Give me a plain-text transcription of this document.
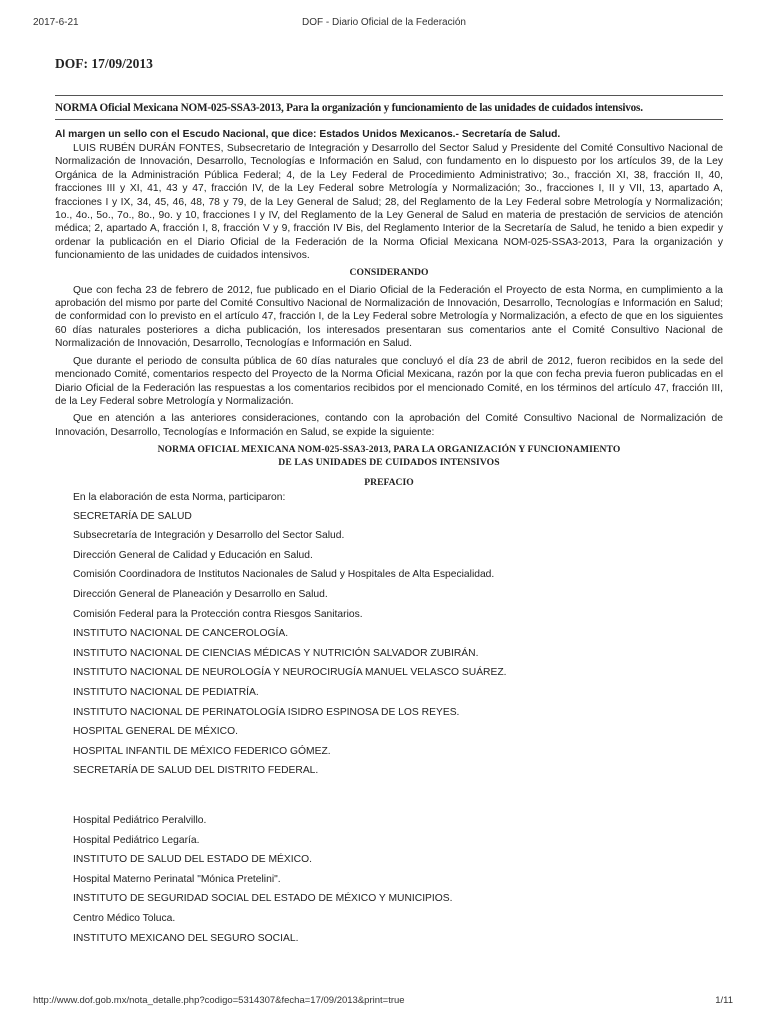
2017-6-21	DOF - Diario Oficial de la Federación
DOF: 17/09/2013
NORMA Oficial Mexicana NOM-025-SSA3-2013, Para la organización y funcionamiento de las unidades de cuidados intensivos.
Al margen un sello con el Escudo Nacional, que dice: Estados Unidos Mexicanos.- Secretaría de Salud.

LUIS RUBÉN DURÁN FONTES, Subsecretario de Integración y Desarrollo del Sector Salud y Presidente del Comité Consultivo Nacional de Normalización de Innovación, Desarrollo, Tecnologías e Información en Salud, con fundamento en lo dispuesto por los artículos 39, de la Ley Orgánica de la Administración Pública Federal; 4, de la Ley Federal de Procedimiento Administrativo; 3o., fracción XI, 38, fracción II, 40, fracciones III y XI, 41, 43 y 47, fracción IV, de la Ley Federal sobre Metrología y Normalización; 3o., fracciones I, II y VII, 13, apartado A, fracciones I y IX, 34, 45, 46, 48, 78 y 79, de la Ley General de Salud; 28, del Reglamento de la Ley Federal sobre Metrología y Normalización; 1o., 4o., 5o., 7o., 8o., 9o. y 10, fracciones I y IV, del Reglamento de la Ley General de Salud en materia de prestación de servicios de atención médica; 2, apartado A, fracción I, 8, fracción V y 9, fracción IV Bis, del Reglamento Interior de la Secretaría de Salud, he tenido a bien expedir y ordenar la publicación en el Diario Oficial de la Federación de la Norma Oficial Mexicana NOM-025-SSA3-2013, Para la organización y funcionamiento de las unidades de cuidados intensivos.

CONSIDERANDO

Que con fecha 23 de febrero de 2012, fue publicado en el Diario Oficial de la Federación el Proyecto de esta Norma, en cumplimiento a la aprobación del mismo por parte del Comité Consultivo Nacional de Normalización de Innovación, Desarrollo, Tecnologías e Información en Salud; de conformidad con lo previsto en el artículo 47, fracción I, de la Ley Federal sobre Metrología y Normalización, a efecto de que en los siguientes 60 días naturales posteriores a dicha publicación, los interesados presentaran sus comentarios ante el Comité Consultivo Nacional de Normalización de Innovación, Desarrollo, Tecnologías e Información en Salud.

Que durante el periodo de consulta pública de 60 días naturales que concluyó el día 23 de abril de 2012, fueron recibidos en la sede del mencionado Comité, comentarios respecto del Proyecto de la Norma Oficial Mexicana, razón por la que con fecha previa fueron publicadas en el Diario Oficial de la Federación las respuestas a los comentarios recibidos por el mencionado Comité, en los términos del artículo 47, fracción III, de la Ley Federal sobre Metrología y Normalización.

Que en atención a las anteriores consideraciones, contando con la aprobación del Comité Consultivo Nacional de Normalización de Innovación, Desarrollo, Tecnologías e Información en Salud, se expide la siguiente:

NORMA OFICIAL MEXICANA NOM-025-SSA3-2013, PARA LA ORGANIZACIÓN Y FUNCIONAMIENTO
DE LAS UNIDADES DE CUIDADOS INTENSIVOS
PREFACIO
En la elaboración de esta Norma, participaron:
SECRETARÍA DE SALUD
Subsecretaría de Integración y Desarrollo del Sector Salud.
Dirección General de Calidad y Educación en Salud.
Comisión Coordinadora de Institutos Nacionales de Salud y Hospitales de Alta Especialidad.
Dirección General de Planeación y Desarrollo en Salud.
Comisión Federal para la Protección contra Riesgos Sanitarios.
INSTITUTO NACIONAL DE CANCEROLOGÍA.
INSTITUTO NACIONAL DE CIENCIAS MÉDICAS Y NUTRICIÓN SALVADOR ZUBIRÁN.
INSTITUTO NACIONAL DE NEUROLOGÍA Y NEUROCIRUGÍA MANUEL VELASCO SUÁREZ.
INSTITUTO NACIONAL DE PEDIATRÍA.
INSTITUTO NACIONAL DE PERINATOLOGÍA ISIDRO ESPINOSA DE LOS REYES.
HOSPITAL GENERAL DE MÉXICO.
HOSPITAL INFANTIL DE MÉXICO FEDERICO GÓMEZ.
SECRETARÍA DE SALUD DEL DISTRITO FEDERAL.
Hospital Pediátrico Peralvillo.
Hospital Pediátrico Legaría.
INSTITUTO DE SALUD DEL ESTADO DE MÉXICO.
Hospital Materno Perinatal "Mónica Pretelini".
INSTITUTO DE SEGURIDAD SOCIAL DEL ESTADO DE MÉXICO Y MUNICIPIOS.
Centro Médico Toluca.
INSTITUTO MEXICANO DEL SEGURO SOCIAL.
http://www.dof.gob.mx/nota_detalle.php?codigo=5314307&fecha=17/09/2013&print=true	1/11
